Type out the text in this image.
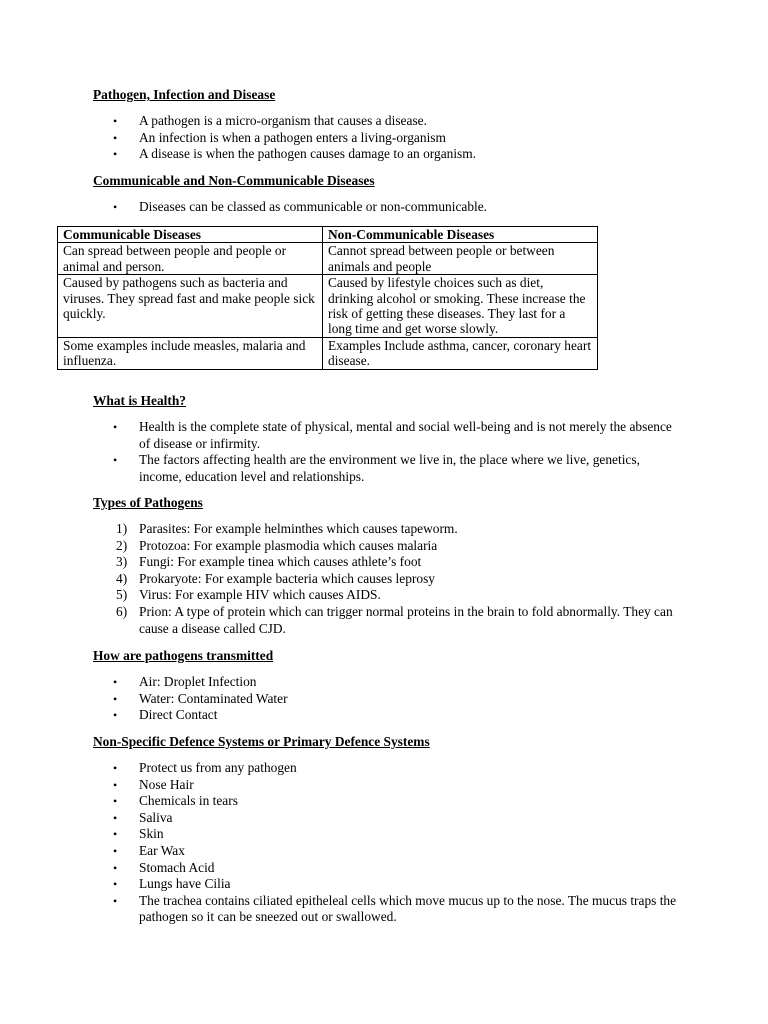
Pathogen, Infection and Disease
• A pathogen is a micro-organism that causes a disease.
• An infection is when a pathogen enters a living-organism
• A disease is when the pathogen causes damage to an organism.
Communicable and Non-Communicable Diseases
• Diseases can be classed as communicable or non-communicable.
Communicable Diseases	Non-Communicable Diseases
Can spread between people and people or animal and person.	Cannot spread between people or between animals and people
Caused by pathogens such as bacteria and viruses. They spread fast and make people sick quickly.	Caused by lifestyle choices such as diet, drinking alcohol or smoking. These increase the risk of getting these diseases. They last for a long time and get worse slowly.
Some examples include measles, malaria and influenza.	Examples Include asthma, cancer, coronary heart disease.
What is Health?
• Health is the complete state of physical, mental and social well-being and is not merely the absence of disease or infirmity.
• The factors affecting health are the environment we live in, the place where we live, genetics, income, education level and relationships.
Types of Pathogens
1) Parasites: For example helminthes which causes tapeworm.
2) Protozoa: For example plasmodia which causes malaria
3) Fungi: For example tinea which causes athlete’s foot
4) Prokaryote: For example bacteria which causes leprosy
5) Virus: For example HIV which causes AIDS.
6) Prion: A type of protein which can trigger normal proteins in the brain to fold abnormally. They can cause a disease called CJD.
How are pathogens transmitted
• Air: Droplet Infection
• Water: Contaminated Water
• Direct Contact
Non-Specific Defence Systems or Primary Defence Systems
• Protect us from any pathogen
• Nose Hair
• Chemicals in tears
• Saliva
• Skin
• Ear Wax
• Stomach Acid
• Lungs have Cilia
• The trachea contains ciliated epitheleal cells which move mucus up to the nose. The mucus traps the pathogen so it can be sneezed out or swallowed.
